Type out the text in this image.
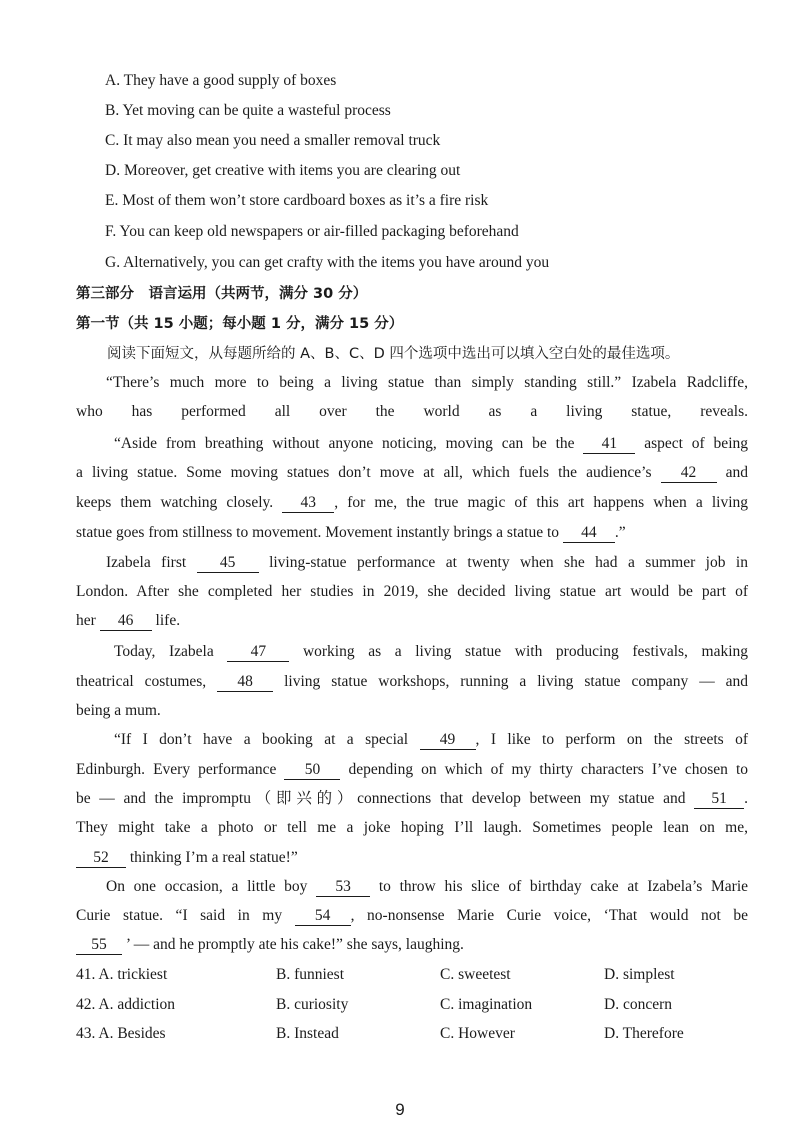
A. They have a good supply of boxes
B. Yet moving can be quite a wasteful process
C. It may also mean you need a smaller removal truck
D. Moreover, get creative with items you are clearing out
E. Most of them won’t store cardboard boxes as it’s a fire risk
F. You can keep old newspapers or air-filled packaging beforehand
G. Alternatively, you can get crafty with the items you have around you
第三部分　语言运用（共两节，满分 30 分）
第一节（共 15 小题；每小题 1 分，满分 15 分）
阅读下面短文，从每题所给的 A、B、C、D 四个选项中选出可以填入空白处的最佳选项。
“There’s much more to being a living statue than simply standing still.” Izabela Radcliffe,
who has performed all over the world as a living statue, reveals.
“Aside from breathing without anyone noticing, moving can be the 41 aspect of being
a living statue. Some moving statues don’t move at all, which fuels the audience’s 42 and
keeps them watching closely. 43 , for me, the true magic of this art happens when a living
statue goes from stillness to movement. Movement instantly brings a statue to 44 .”
Izabela first 45 living-statue performance at twenty when she had a summer job in
London. After she completed her studies in 2019, she decided living statue art would be part of
her 46 life.
Today, Izabela 47 working as a living statue with producing festivals, making
theatrical costumes, 48 living statue workshops, running a living statue company — and
being a mum.
“If I don’t have a booking at a special 49 , I like to perform on the streets of
Edinburgh. Every performance 50 depending on which of my thirty characters I’ve chosen to
be — and the impromptu（即兴的）connections that develop between my statue and 51 .
They might take a photo or tell me a joke hoping I’ll laugh. Sometimes people lean on me,
52 thinking I’m a real statue!”
On one occasion, a little boy 53 to throw his slice of birthday cake at Izabela’s Marie
Curie statue. “I said in my 54 , no-nonsense Marie Curie voice, ‘That would not be
55 ’ — and he promptly ate his cake!” she says, laughing.
41. A. trickiest	B. funniest	C. sweetest	D. simplest
42. A. addiction	B. curiosity	C. imagination	D. concern
43. A. Besides	B. Instead	C. However	D. Therefore
9
